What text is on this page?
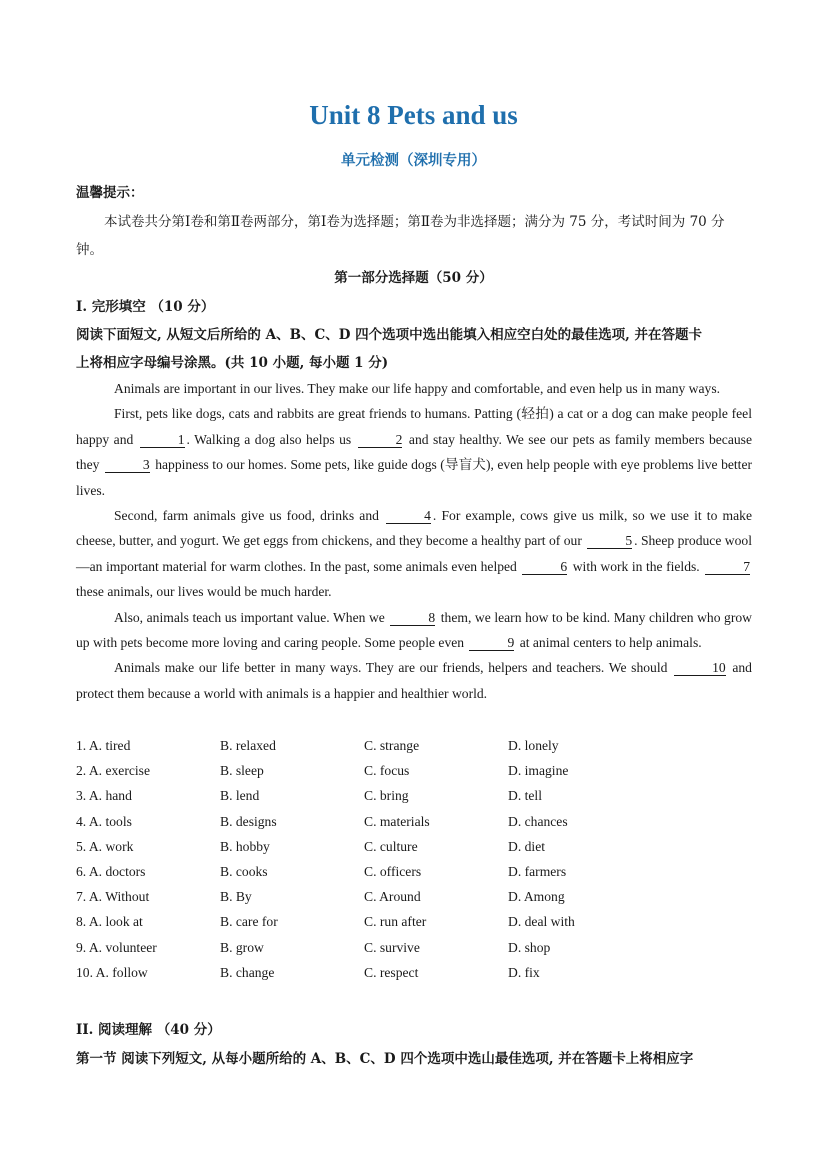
Unit 8 Pets and us
单元检测（深圳专用）
温馨提示：
本试卷共分第Ⅰ卷和第Ⅱ卷两部分，第Ⅰ卷为选择题；第Ⅱ卷为非选择题；满分为 75 分，考试时间为 70 分
钟。
第一部分选择题（50 分）
I. 完形填空 （10 分）
阅读下面短文, 从短文后所给的 A、B、C、D 四个选项中选出能填入相应空白处的最佳选项, 并在答题卡
上将相应字母编号涂黑。(共 10 小题, 每小题 1 分)

Animals are important in our lives. They make our life happy and comfortable, and even help us in many ways.

First, pets like dogs, cats and rabbits are great friends to humans. Patting (轻拍) a cat or a dog can make people feel happy and	1 . Walking a dog also helps us	2 and stay healthy. We see our pets as family members because they	3 happiness to our homes. Some pets, like guide dogs (导盲犬), even help people with eye problems live better lives.

Second, farm animals give us food, drinks and	4 . For example, cows give us milk, so we use it to make cheese, butter, and yogurt. We get eggs from chickens, and they become a healthy part of our	5 . Sheep produce wool—an important material for warm clothes. In the past, some animals even helped	6 with work in the fields.	7 these animals, our lives would be much harder.

Also, animals teach us important value. When we	8 them, we learn how to be kind. Many children who grow up with pets become more loving and caring people. Some people even	9 at animal centers to help animals.

Animals make our life better in many ways. They are our friends, helpers and teachers. We should	10 and protect them because a world with animals is a happier and healthier world.

1. A. tired	B. relaxed	C. strange	D. lonely
2. A. exercise	B. sleep	C. focus	D. imagine
3. A. hand	B. lend	C. bring	D. tell
4. A. tools	B. designs	C. materials	D. chances
5. A. work	B. hobby	C. culture	D. diet
6. A. doctors	B. cooks	C. officers	D. farmers
7. A. Without	B. By	C. Around	D. Among
8. A. look at	B. care for	C. run after	D. deal with
9. A. volunteer	B. grow	C. survive	D. shop
10. A. follow	B. change	C. respect	D. fix
II. 阅读理解 （40 分）
第一节 阅读下列短文, 从每小题所给的 A、B、C、D 四个选项中选山最佳选项, 并在答题卡上将相应字
